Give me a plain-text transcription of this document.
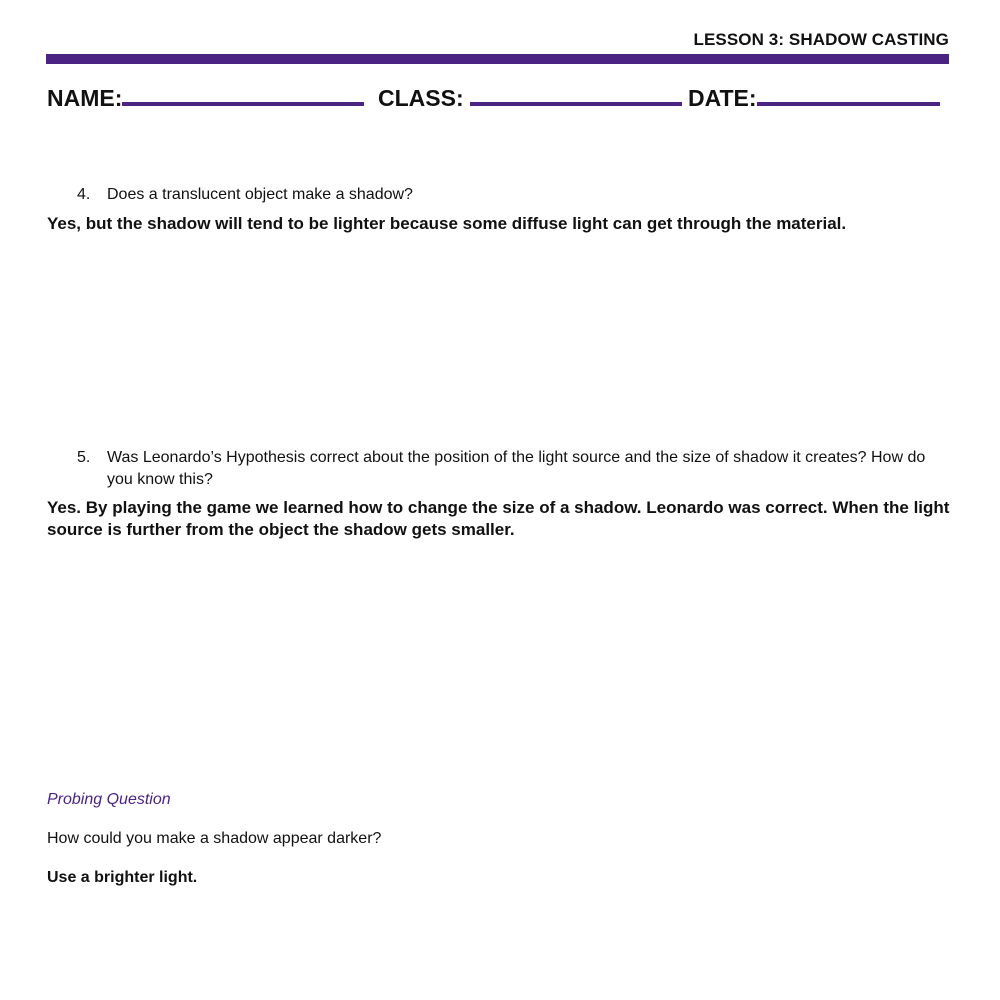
LESSON 3: SHADOW CASTING
NAME:	CLASS:	DATE:
4. Does a translucent object make a shadow?
Yes, but the shadow will tend to be lighter because some diffuse light can get through the material.
5. Was Leonardo’s Hypothesis correct about the position of the light source and the size of shadow it creates? How do you know this?
Yes. By playing the game we learned how to change the size of a shadow. Leonardo was correct. When the light source is further from the object the shadow gets smaller.
Probing Question
How could you make a shadow appear darker?
Use a brighter light.
